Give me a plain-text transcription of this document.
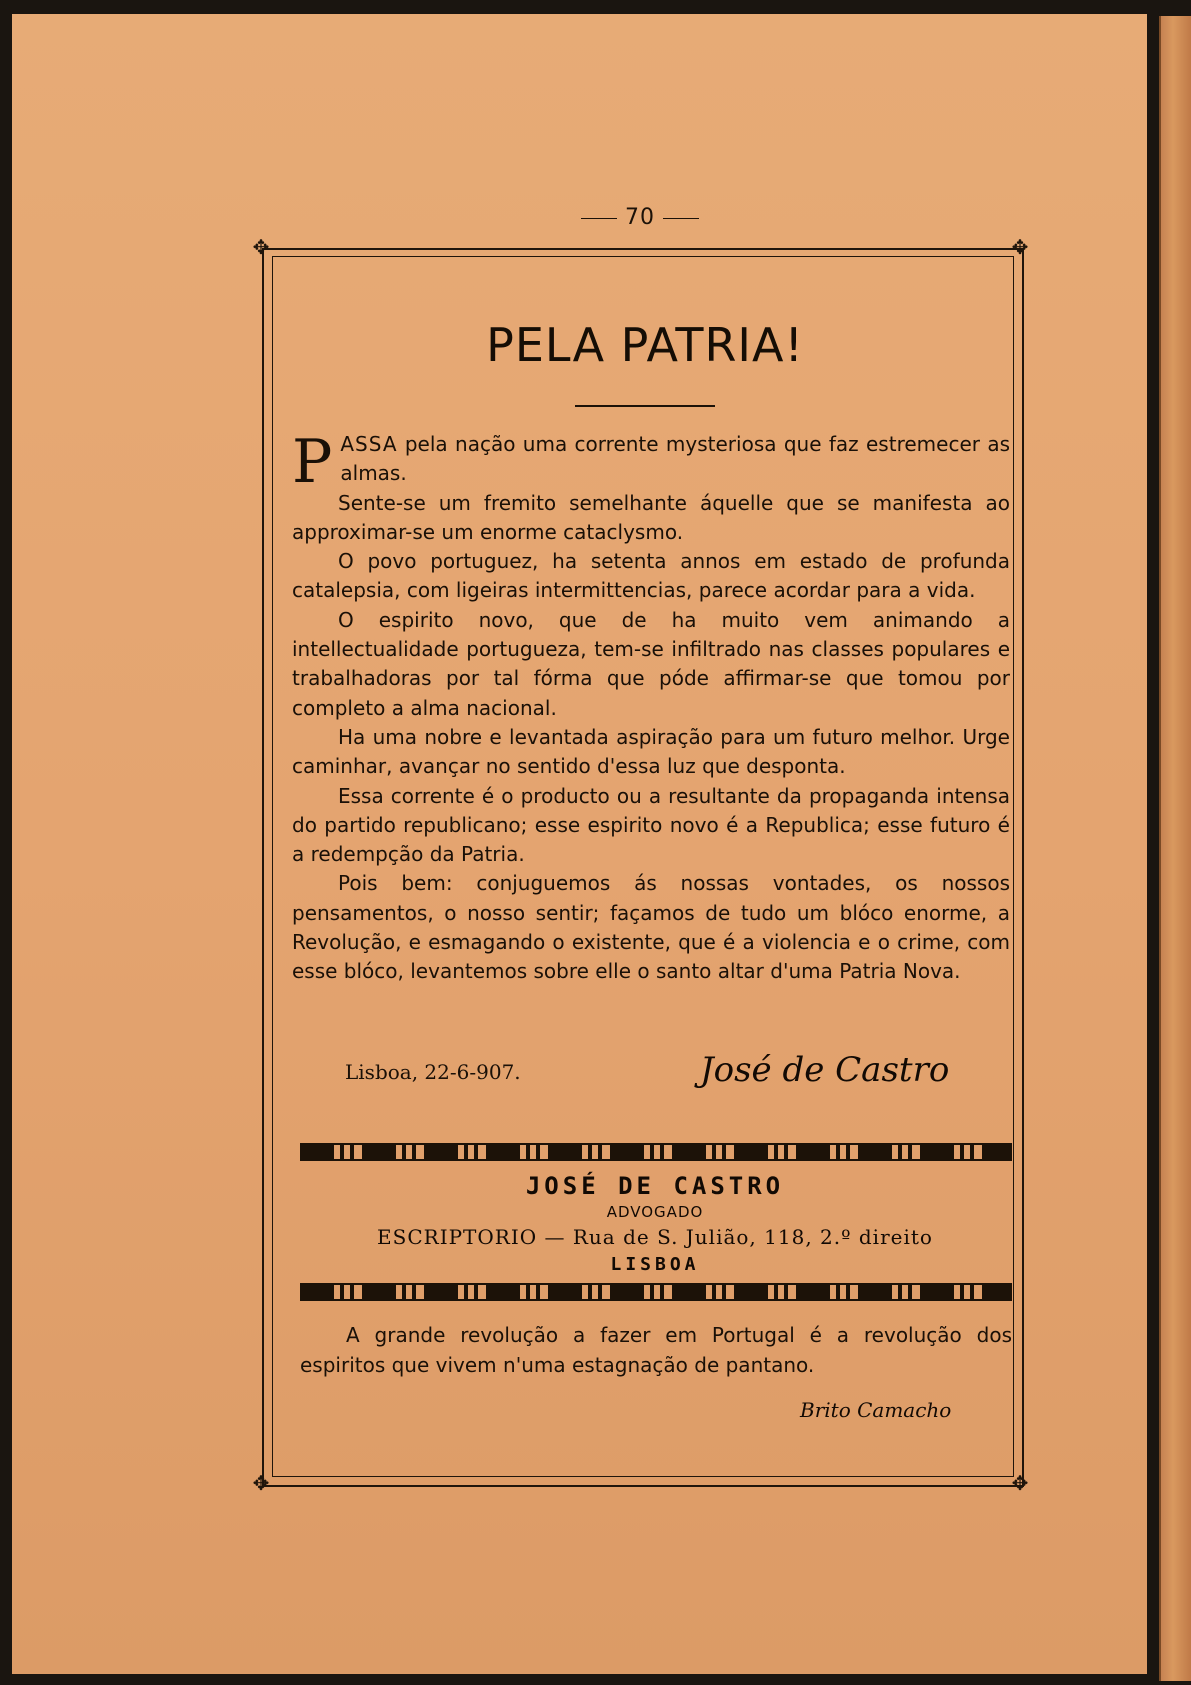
70
✥	✥
✥	✥
PELA PATRIA!

PASSA pela nação uma corrente mysteriosa que faz estremecer as almas.

Sente-se um fremito semelhante áquelle que se manifesta ao approximar-se um enorme cataclysmo.

O povo portuguez, ha setenta annos em estado de profunda catalepsia, com ligeiras intermittencias, parece acordar para a vida.

O espirito novo, que de ha muito vem animando a intellectualidade portugueza, tem-se infiltrado nas classes populares e trabalhadoras por tal fórma que póde affirmar-se que tomou por completo a alma nacional.

Ha uma nobre e levantada aspiração para um futuro melhor. Urge caminhar, avançar no sentido d'essa luz que desponta.

Essa corrente é o producto ou a resultante da propaganda intensa do partido republicano; esse espirito novo é a Republica; esse futuro é a redempção da Patria.

Pois bem: conjuguemos ás nossas vontades, os nossos pensamentos, o nosso sentir; façamos de tudo um blóco enorme, a Revolução, e esmagando o existente, que é a violencia e o crime, com esse blóco, levantemos sobre elle o santo altar d'uma Patria Nova.

Lisboa, 22-6-907.	José de Castro
JOSÉ DE CASTRO
ADVOGADO
ESCRIPTORIO — Rua de S. Julião, 118, 2.º direito
LISBOA

A grande revolução a fazer em Portugal é a revolução dos espiritos que vivem n'uma estagnação de pantano.

Brito Camacho
